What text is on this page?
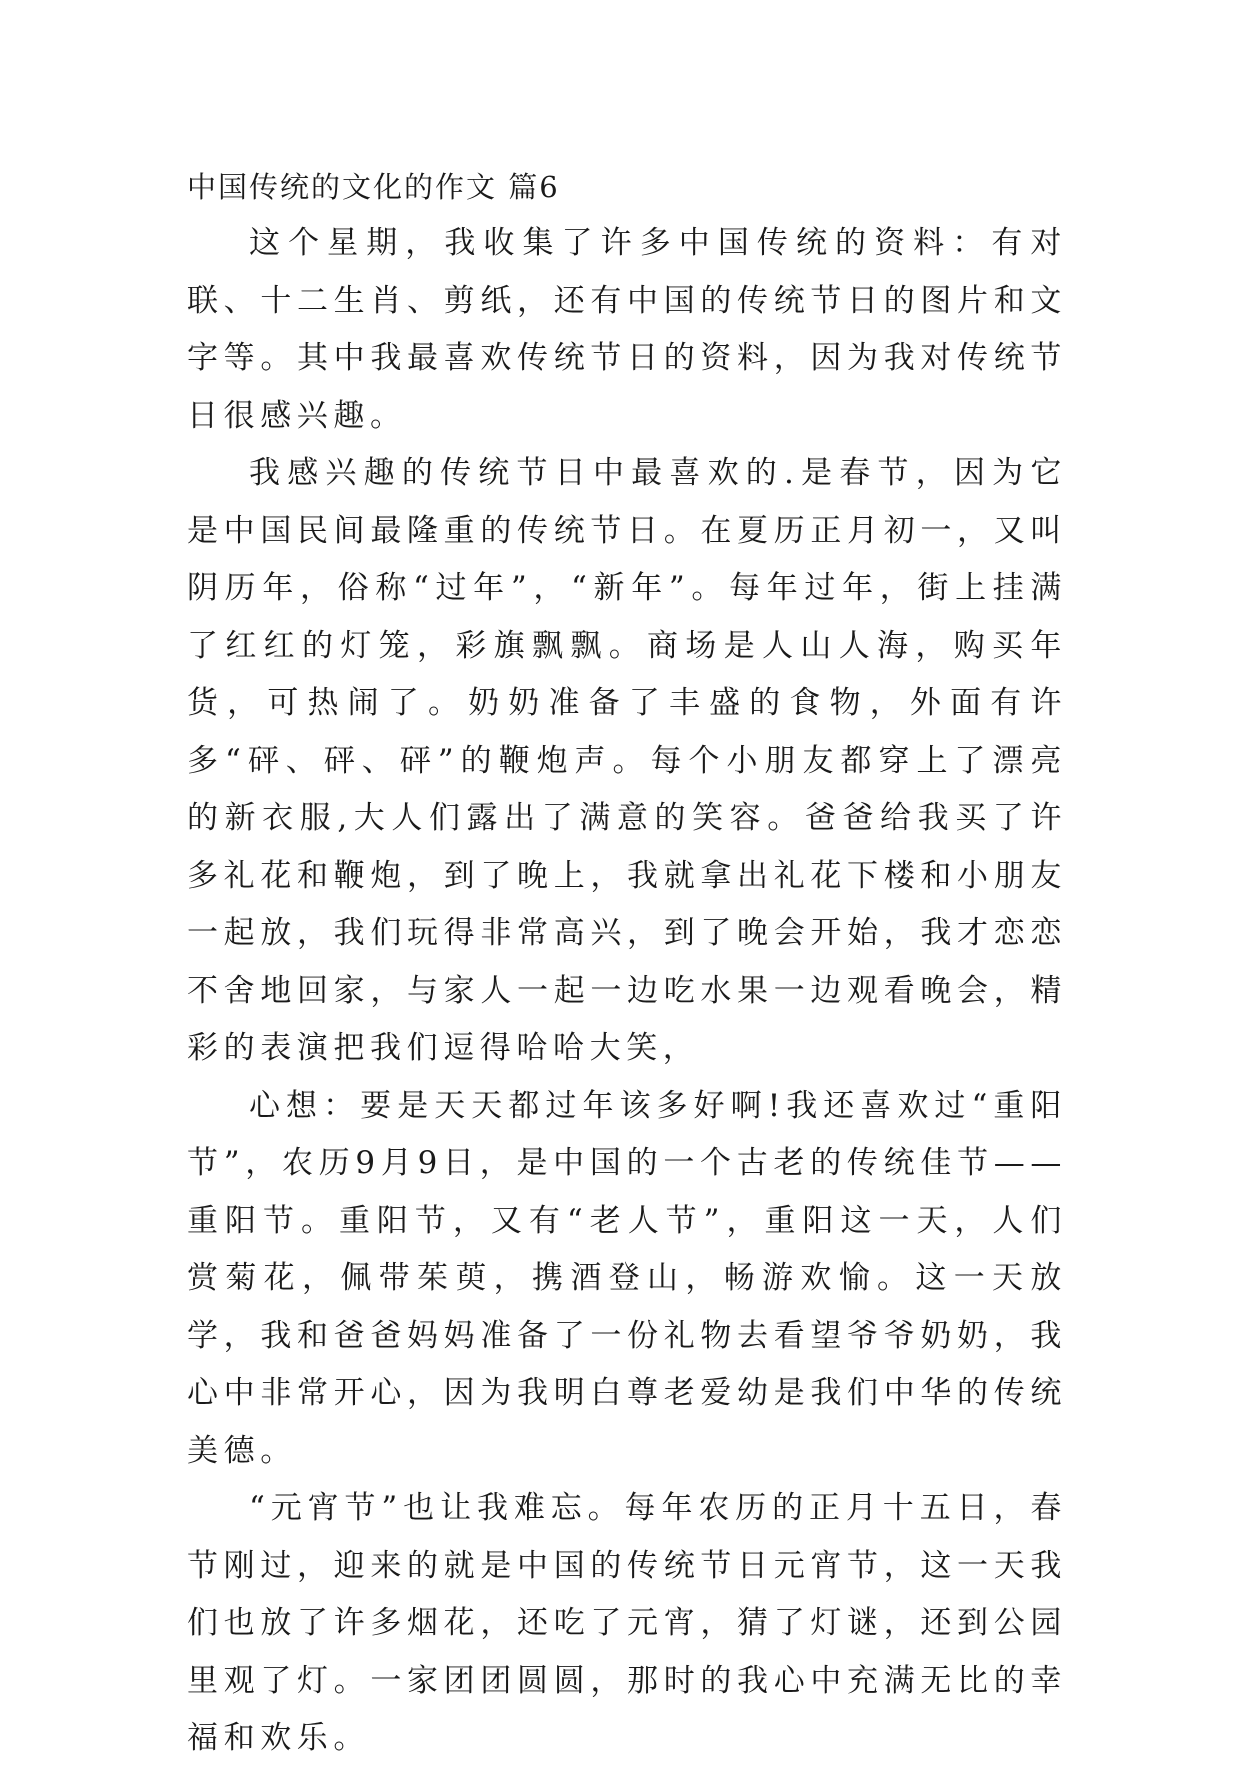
中国传统的文化的作文 篇6

这个星期，我收集了许多中国传统的资料：有对联、十二生肖、剪纸，还有中国的传统节日的图片和文字等。其中我最喜欢传统节日的资料，因为我对传统节日很感兴趣。

我感兴趣的传统节日中最喜欢的.是春节，因为它是中国民间最隆重的传统节日。在夏历正月初一，又叫阴历年，俗称“过年”，“新年”。每年过年，街上挂满了红红的灯笼，彩旗飘飘。商场是人山人海，购买年货，可热闹了。奶奶准备了丰盛的食物，外面有许多“砰、砰、砰”的鞭炮声。每个小朋友都穿上了漂亮的新衣服,大人们露出了满意的笑容。爸爸给我买了许多礼花和鞭炮，到了晚上，我就拿出礼花下楼和小朋友一起放，我们玩得非常高兴，到了晚会开始，我才恋恋不舍地回家，与家人一起一边吃水果一边观看晚会，精彩的表演把我们逗得哈哈大笑，

心想：要是天天都过年该多好啊!我还喜欢过“重阳节”，农历9月9日，是中国的一个古老的传统佳节——重阳节。重阳节，又有“老人节”，重阳这一天，人们赏菊花，佩带茱萸，携酒登山，畅游欢愉。这一天放学，我和爸爸妈妈准备了一份礼物去看望爷爷奶奶，我心中非常开心，因为我明白尊老爱幼是我们中华的传统美德。

“元宵节”也让我难忘。每年农历的正月十五日，春节刚过，迎来的就是中国的传统节日元宵节，这一天我们也放了许多烟花，还吃了元宵，猜了灯谜，还到公园里观了灯。一家团团圆圆，那时的我心中充满无比的幸福和欢乐。
